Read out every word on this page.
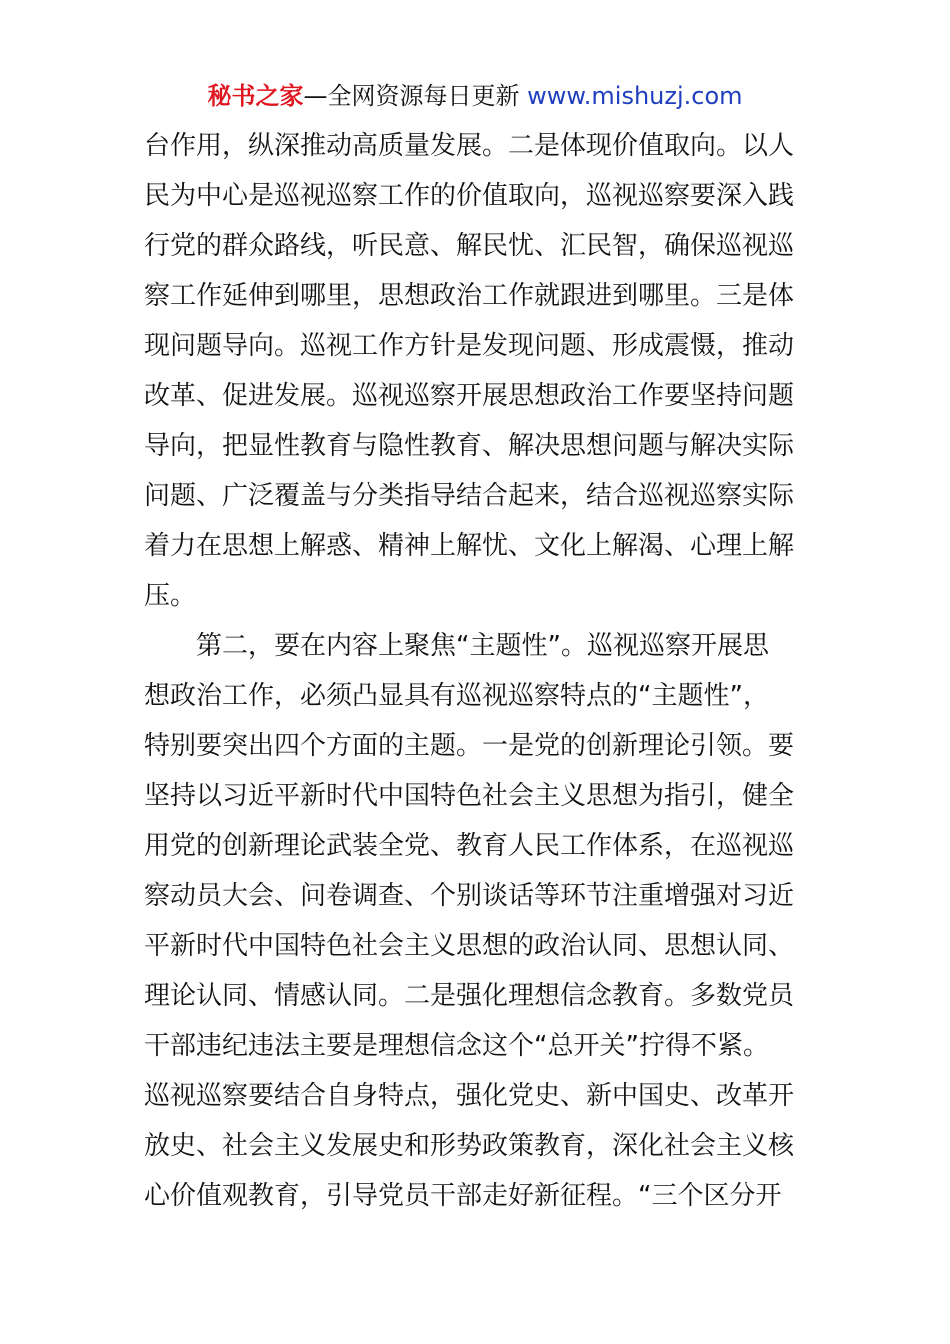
秘书之家—全网资源每日更新 www.mishuzj.com
台作用，纵深推动高质量发展。二是体现价值取向。以人
民为中心是巡视巡察工作的价值取向，巡视巡察要深入践
行党的群众路线，听民意、解民忧、汇民智，确保巡视巡
察工作延伸到哪里，思想政治工作就跟进到哪里。三是体
现问题导向。巡视工作方针是发现问题、形成震慑，推动
改革、促进发展。巡视巡察开展思想政治工作要坚持问题
导向，把显性教育与隐性教育、解决思想问题与解决实际
问题、广泛覆盖与分类指导结合起来，结合巡视巡察实际
着力在思想上解惑、精神上解忧、文化上解渴、心理上解
压。
第二，要在内容上聚焦“主题性”。巡视巡察开展思
想政治工作，必须凸显具有巡视巡察特点的“主题性”，
特别要突出四个方面的主题。一是党的创新理论引领。要
坚持以习近平新时代中国特色社会主义思想为指引，健全
用党的创新理论武装全党、教育人民工作体系，在巡视巡
察动员大会、问卷调查、个别谈话等环节注重增强对习近
平新时代中国特色社会主义思想的政治认同、思想认同、
理论认同、情感认同。二是强化理想信念教育。多数党员
干部违纪违法主要是理想信念这个“总开关”拧得不紧。
巡视巡察要结合自身特点，强化党史、新中国史、改革开
放史、社会主义发展史和形势政策教育，深化社会主义核
心价值观教育，引导党员干部走好新征程。“三个区分开
